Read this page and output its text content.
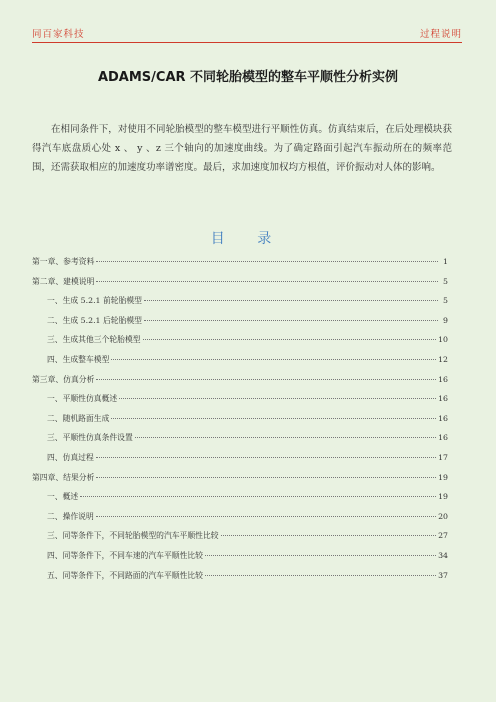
同百家科技	过程说明
ADAMS/CAR 不同轮胎模型的整车平顺性分析实例

在相同条件下，对使用不同轮胎模型的整车模型进行平顺性仿真。仿真结束后，在后处理模块获得汽车底盘质心处 x 、 y 、z 三个轴向的加速度曲线。为了确定路面引起汽车振动所在的频率范围，还需获取相应的加速度功率谱密度。最后，求加速度加权均方根值，评价振动对人体的影响。

目 录
第一章、参考资料	1
第二章、建模说明	5
一、生成 5.2.1 前轮胎模型	5
二、生成 5.2.1 后轮胎模型	9
三、生成其他三个轮胎模型	10
四、生成整车模型	12
第三章、仿真分析	16
一、平顺性仿真概述	16
二、随机路面生成	16
三、平顺性仿真条件设置	16
四、仿真过程	17
第四章、结果分析	19
一、概述	19
二、操作说明	20
三、同等条件下，不同轮胎模型的汽车平顺性比较	27
四、同等条件下，不同车速的汽车平顺性比较	34
五、同等条件下，不同路面的汽车平顺性比较	37
